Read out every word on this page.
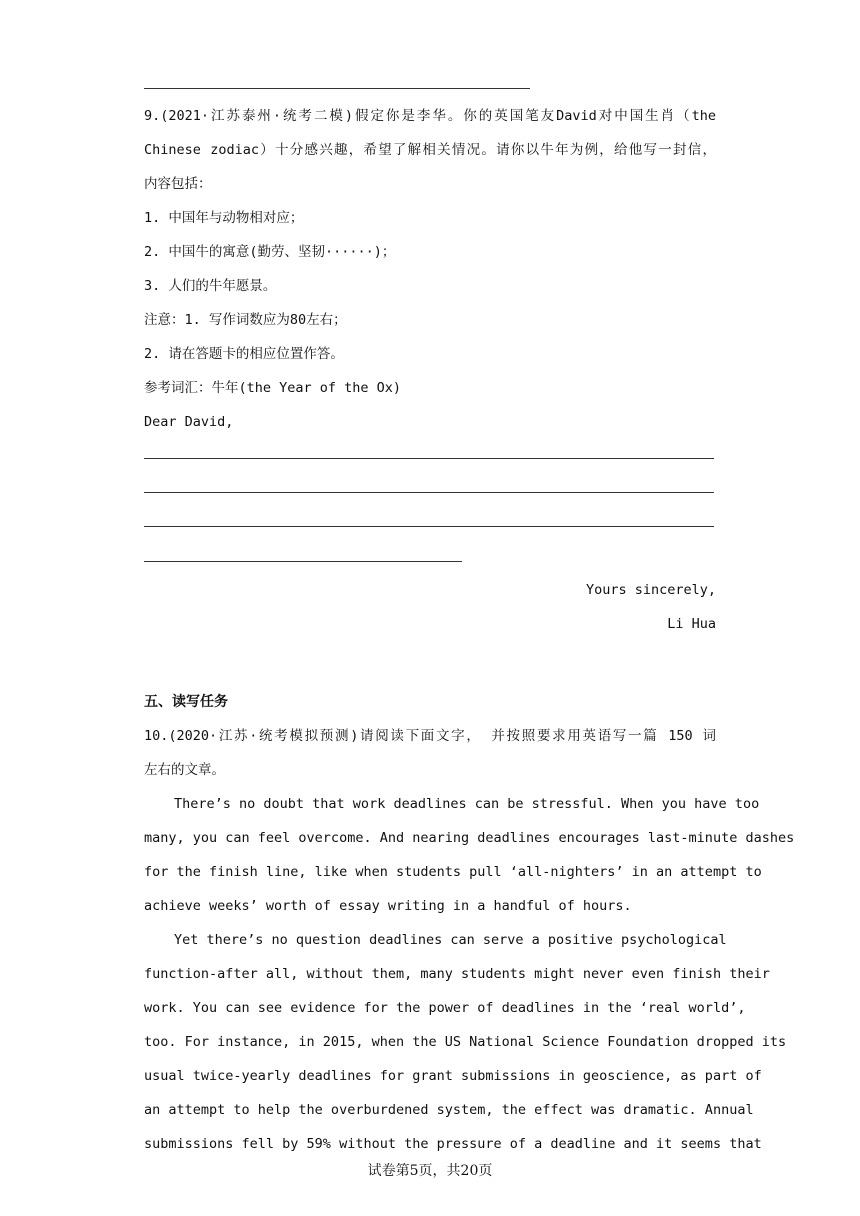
9.(2021·江苏泰州·统考二模)假定你是李华。你的英国笔友David对中国生肖（the
Chinese zodiac）十分感兴趣，希望了解相关情况。请你以牛年为例，给他写一封信，
内容包括：
1. 中国年与动物相对应；
2. 中国牛的寓意(勤劳、坚韧······)；
3. 人们的牛年愿景。
注意：1. 写作词数应为80左右；
2. 请在答题卡的相应位置作答。
参考词汇：牛年(the Year of the Ox)
Dear David,
Yours sincerely,
Li Hua
五、读写任务
10.(2020·江苏·统考模拟预测)请阅读下面文字， 并按照要求用英语写一篇 150 词
左右的文章。
There’s no doubt that work deadlines can be stressful. When you have too
many, you can feel overcome. And nearing deadlines encourages last-minute dashes
for the finish line, like when students pull ‘all-nighters’ in an attempt to
achieve weeks’ worth of essay writing in a handful of hours.
Yet there’s no question deadlines can serve a positive psychological
function-after all, without them, many students might never even finish their
work. You can see evidence for the power of deadlines in the ‘real world’,
too. For instance, in 2015, when the US National Science Foundation dropped its
usual twice-yearly deadlines for grant submissions in geoscience, as part of
an attempt to help the overburdened system, the effect was dramatic. Annual
submissions fell by 59% without the pressure of a deadline and it seems that
试卷第5页，共20页
